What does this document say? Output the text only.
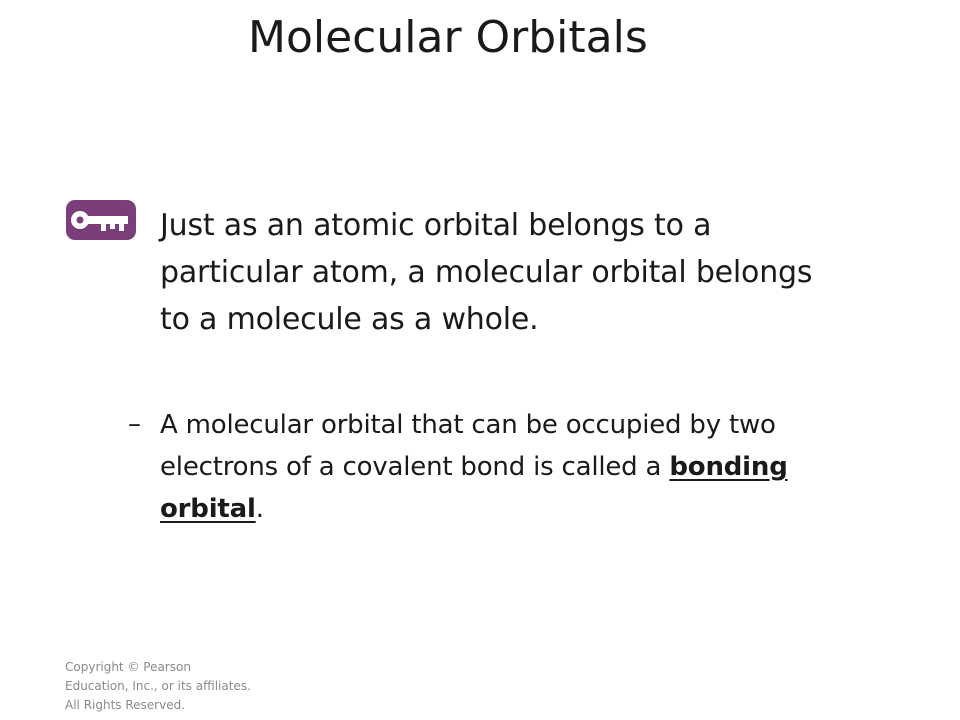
Molecular Orbitals
Just as an atomic orbital belongs to a particular atom, a molecular orbital belongs to a molecule as a whole.
– A molecular orbital that can be occupied by two electrons of a covalent bond is called a bonding orbital.
Copyright © Pearson
Education, Inc., or its affiliates.
All Rights Reserved.
